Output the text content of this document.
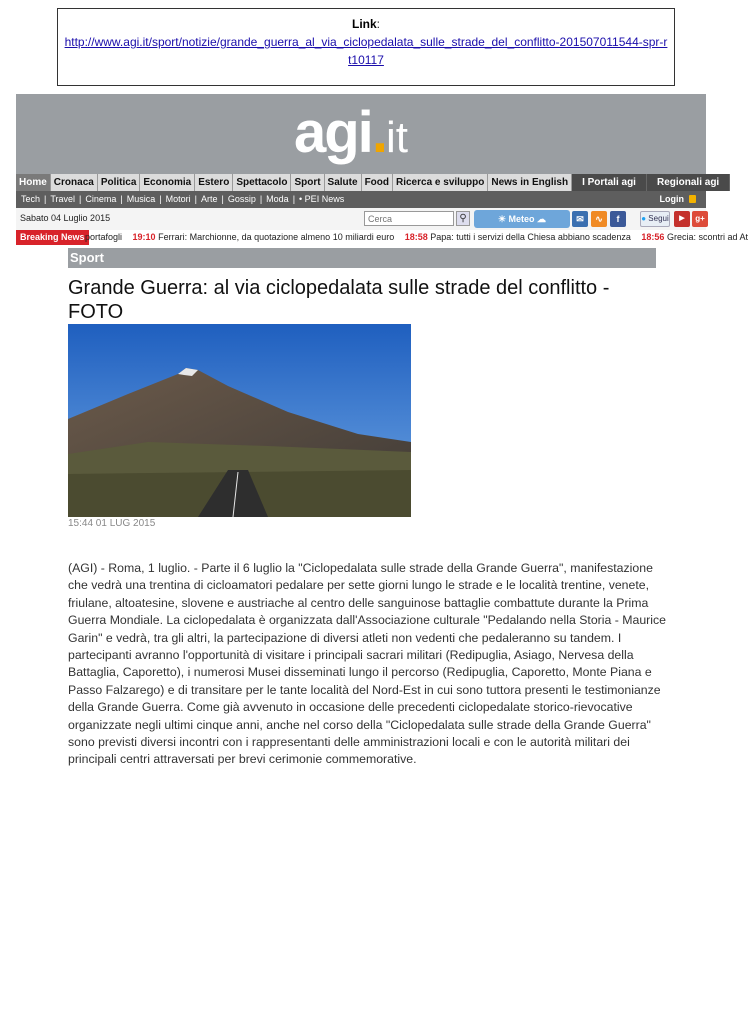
Link:
http://www.agi.it/sport/notizie/grande_guerra_al_via_ciclopedalata_sulle_strade_del_conflitto-201507011544-spr-rt10117
agi.it
Home Cronaca Politica Economia Estero Spettacolo Sport Salute Food Ricerca e sviluppo News in English	I Portali agi	Regionali agi
Tech | Travel | Cinema | Musica | Motori | Arte | Gossip | Moda | • PEI News	Login
Sabato 04 Luglio 2015
Cerca	⚲	☀ Meteo ☁	✉	∿	f	● Segui	▶	g+
Breaking News portafogli 19:10 Ferrari: Marchionne, da quotazione almeno 10 miliardi euro 18:58 Papa: tutti i servizi della Chiesa abbiano scadenza 18:56 Grecia: scontri ad At
Sport
Grande Guerra: al via ciclopedalata sulle strade del conflitto - FOTO
15:44 01 LUG 2015

(AGI) - Roma, 1 luglio. - Parte il 6 luglio la "Ciclopedalata sulle strade della Grande Guerra", manifestazione che vedrà una trentina di cicloamatori pedalare per sette giorni lungo le strade e le località trentine, venete, friulane, altoatesine, slovene e austriache al centro delle sanguinose battaglie combattute durante la Prima Guerra Mondiale. La ciclopedalata è organizzata dall'Associazione culturale "Pedalando nella Storia - Maurice Garin" e vedrà, tra gli altri, la partecipazione di diversi atleti non vedenti che pedaleranno su tandem. I partecipanti avranno l'opportunità di visitare i principali sacrari militari (Redipuglia, Asiago, Nervesa della Battaglia, Caporetto), i numerosi Musei disseminati lungo il percorso (Redipuglia, Caporetto, Monte Piana e Passo Falzarego) e di transitare per le tante località del Nord-Est in cui sono tuttora presenti le testimonianze della Grande Guerra. Come già avvenuto in occasione delle precedenti ciclopedalate storico-rievocative organizzate negli ultimi cinque anni, anche nel corso della "Ciclopedalata sulle strade della Grande Guerra" sono previsti diversi incontri con i rappresentanti delle amministrazioni locali e con le autorità militari dei principali centri attraversati per brevi cerimonie commemorative.
